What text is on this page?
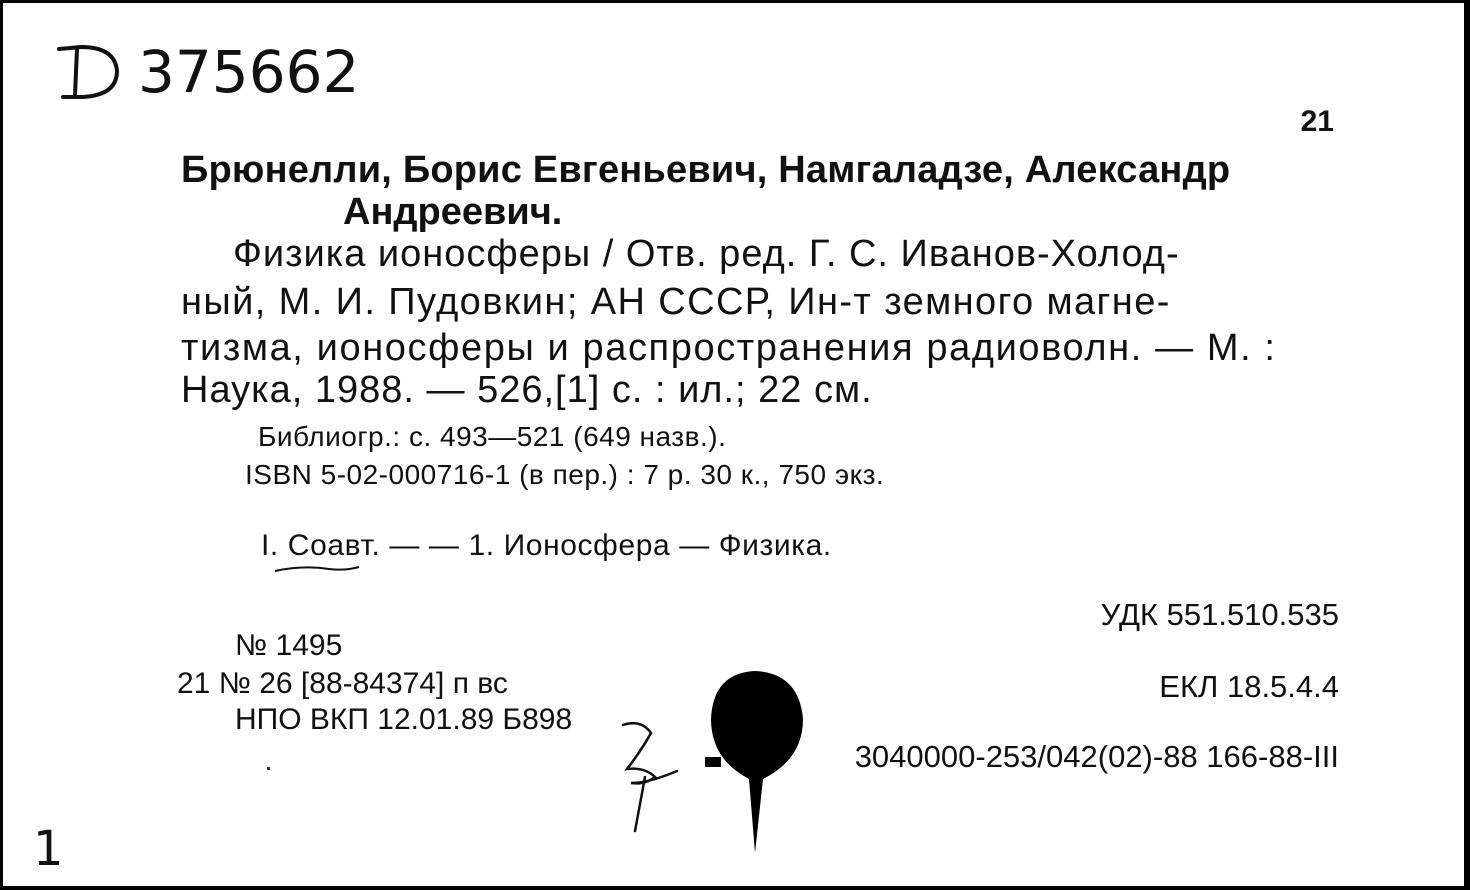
375662
21
Брюнелли, Борис Евгеньевич, Намгаладзе, Александр
Андреевич.
Физика ионосферы / Отв. ред. Г. С. Иванов-Холод-
ный, М. И. Пудовкин; АН СССР, Ин-т земного магне-
тизма, ионосферы и распространения радиоволн. — М. :
Наука, 1988. — 526,[1] с. : ил.; 22 см.
Библиогр.: с. 493—521 (649 назв.).
ISBN 5-02-000716-1 (в пер.) : 7 р. 30 к., 750 экз.
I. Соавт. — — 1. Ионосфера — Физика.
УДК 551.510.535
№ 1495
21 № 26 [88-84374] п вс
НПО ВКП 12.01.89 Б898
ЕКЛ 18.5.4.4
3040000-253/042(02)-88 166-88-III
1
